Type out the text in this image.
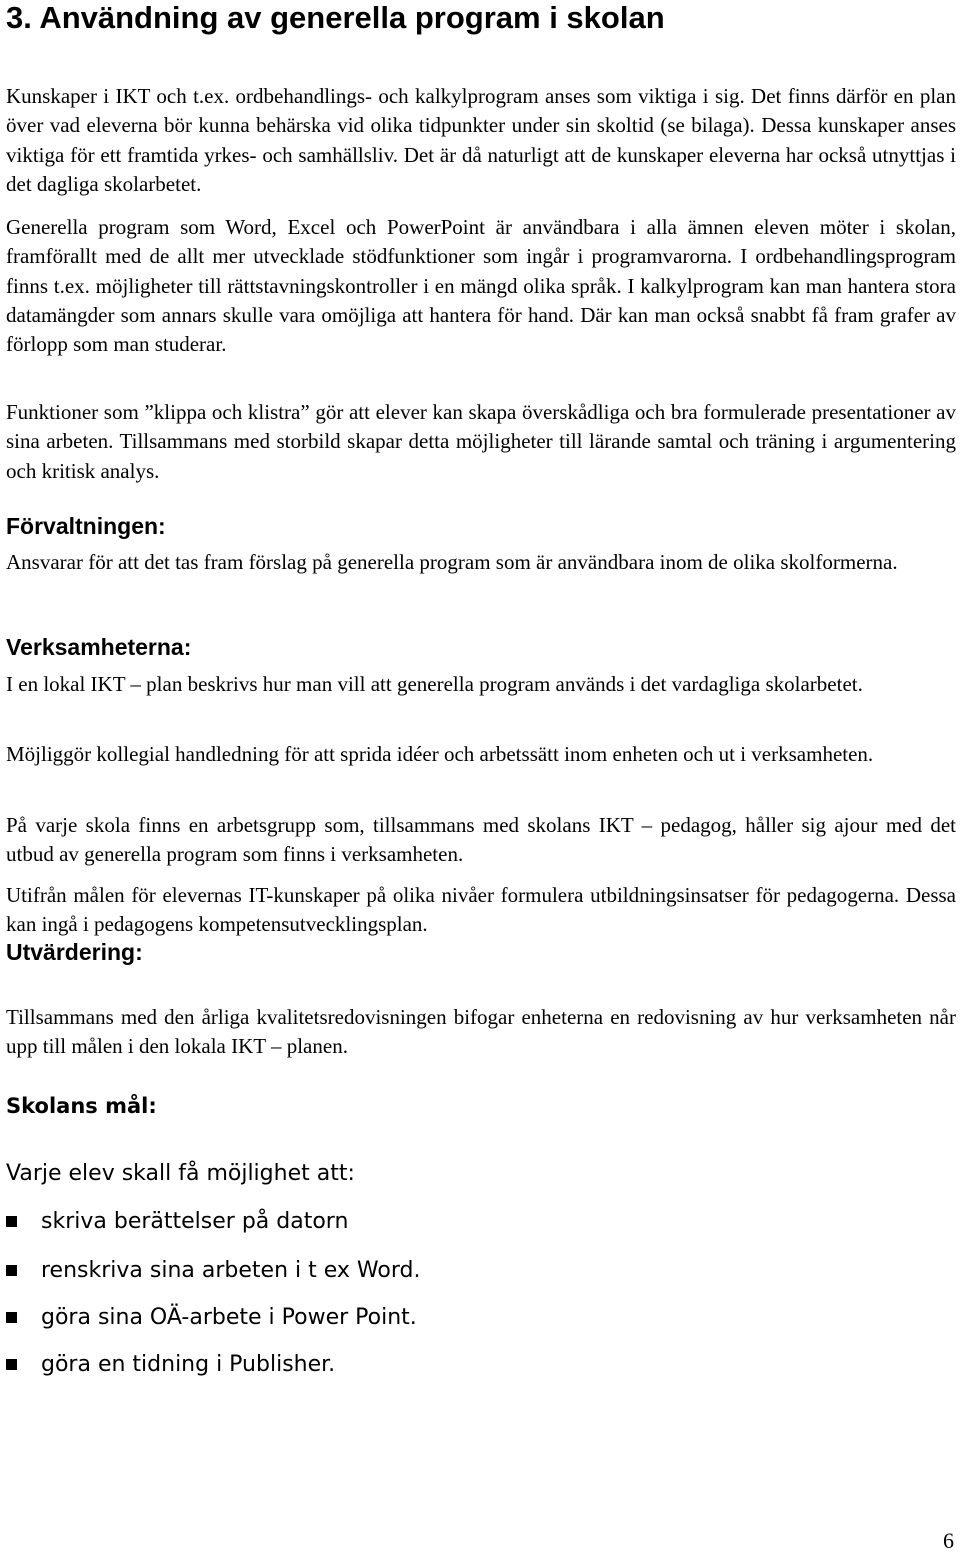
3. Användning av generella program i skolan

Kunskaper i IKT och t.ex. ordbehandlings- och kalkylprogram anses som viktiga i sig. Det finns därför en plan över vad eleverna bör kunna behärska vid olika tidpunkter under sin skoltid (se bilaga). Dessa kunskaper anses viktiga för ett framtida yrkes- och samhällsliv. Det är då naturligt att de kunskaper eleverna har också utnyttjas i det dagliga skolarbetet.

Generella program som Word, Excel och PowerPoint är användbara i alla ämnen eleven möter i skolan, framförallt med de allt mer utvecklade stödfunktioner som ingår i programvarorna. I ordbehandlingsprogram finns t.ex. möjligheter till rättstavningskontroller i en mängd olika språk. I kalkylprogram kan man hantera stora datamängder som annars skulle vara omöjliga att hantera för hand. Där kan man också snabbt få fram grafer av förlopp som man studerar.

Funktioner som ”klippa och klistra” gör att elever kan skapa överskådliga och bra formulerade presentationer av sina arbeten. Tillsammans med storbild skapar detta möjligheter till lärande samtal och träning i argumentering och kritisk analys.

Förvaltningen:

Ansvarar för att det tas fram förslag på generella program som är användbara inom de olika skolformerna.

Verksamheterna:

I en lokal IKT – plan beskrivs hur man vill att generella program används i det vardagliga skolarbetet.

Möjliggör kollegial handledning för att sprida idéer och arbetssätt inom enheten och ut i verksamheten.

På varje skola finns en arbetsgrupp som, tillsammans med skolans IKT – pedagog, håller sig ajour med det utbud av generella program som finns i verksamheten.

Utifrån målen för elevernas IT-kunskaper på olika nivåer formulera utbildningsinsatser för pedagogerna. Dessa kan ingå i pedagogens kompetensutvecklingsplan.

Utvärdering:

Tillsammans med den årliga kvalitetsredovisningen bifogar enheterna en redovisning av hur verksamheten når upp till målen i den lokala IKT – planen.

Skolans mål:
Varje elev skall få möjlighet att:
skriva berättelser på datorn
renskriva sina arbeten i t ex Word.
göra sina OÄ-arbete i Power Point.
göra en tidning i Publisher.
6
